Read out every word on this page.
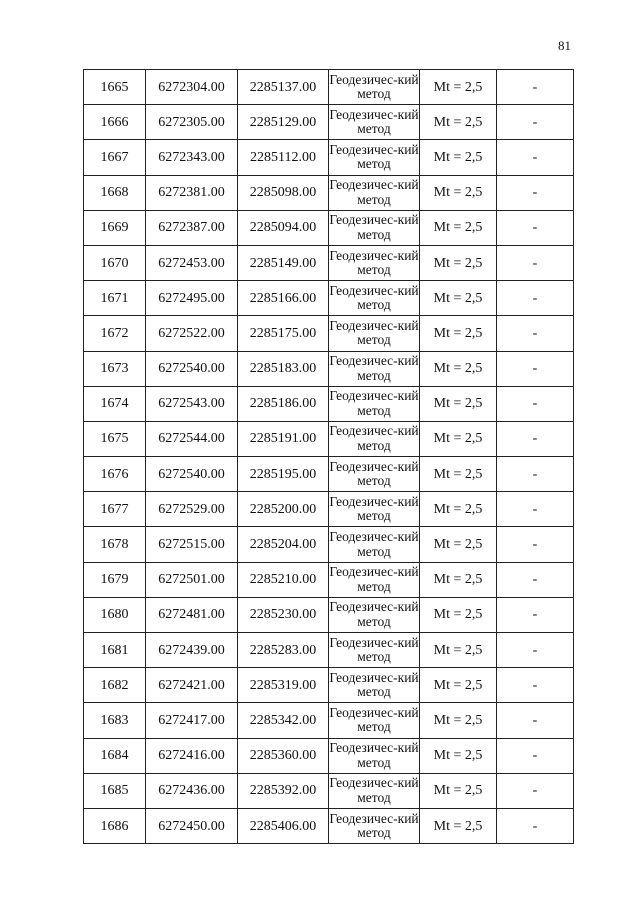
81
1665	6272304.00	2285137.00	Геодезичес-кий метод	Mt = 2,5	-
1666	6272305.00	2285129.00	Геодезичес-кий метод	Mt = 2,5	-
1667	6272343.00	2285112.00	Геодезичес-кий метод	Mt = 2,5	-
1668	6272381.00	2285098.00	Геодезичес-кий метод	Mt = 2,5	-
1669	6272387.00	2285094.00	Геодезичес-кий метод	Mt = 2,5	-
1670	6272453.00	2285149.00	Геодезичес-кий метод	Mt = 2,5	-
1671	6272495.00	2285166.00	Геодезичес-кий метод	Mt = 2,5	-
1672	6272522.00	2285175.00	Геодезичес-кий метод	Mt = 2,5	-
1673	6272540.00	2285183.00	Геодезичес-кий метод	Mt = 2,5	-
1674	6272543.00	2285186.00	Геодезичес-кий метод	Mt = 2,5	-
1675	6272544.00	2285191.00	Геодезичес-кий метод	Mt = 2,5	-
1676	6272540.00	2285195.00	Геодезичес-кий метод	Mt = 2,5	-
1677	6272529.00	2285200.00	Геодезичес-кий метод	Mt = 2,5	-
1678	6272515.00	2285204.00	Геодезичес-кий метод	Mt = 2,5	-
1679	6272501.00	2285210.00	Геодезичес-кий метод	Mt = 2,5	-
1680	6272481.00	2285230.00	Геодезичес-кий метод	Mt = 2,5	-
1681	6272439.00	2285283.00	Геодезичес-кий метод	Mt = 2,5	-
1682	6272421.00	2285319.00	Геодезичес-кий метод	Mt = 2,5	-
1683	6272417.00	2285342.00	Геодезичес-кий метод	Mt = 2,5	-
1684	6272416.00	2285360.00	Геодезичес-кий метод	Mt = 2,5	-
1685	6272436.00	2285392.00	Геодезичес-кий метод	Mt = 2,5	-
1686	6272450.00	2285406.00	Геодезичес-кий метод	Mt = 2,5	-
